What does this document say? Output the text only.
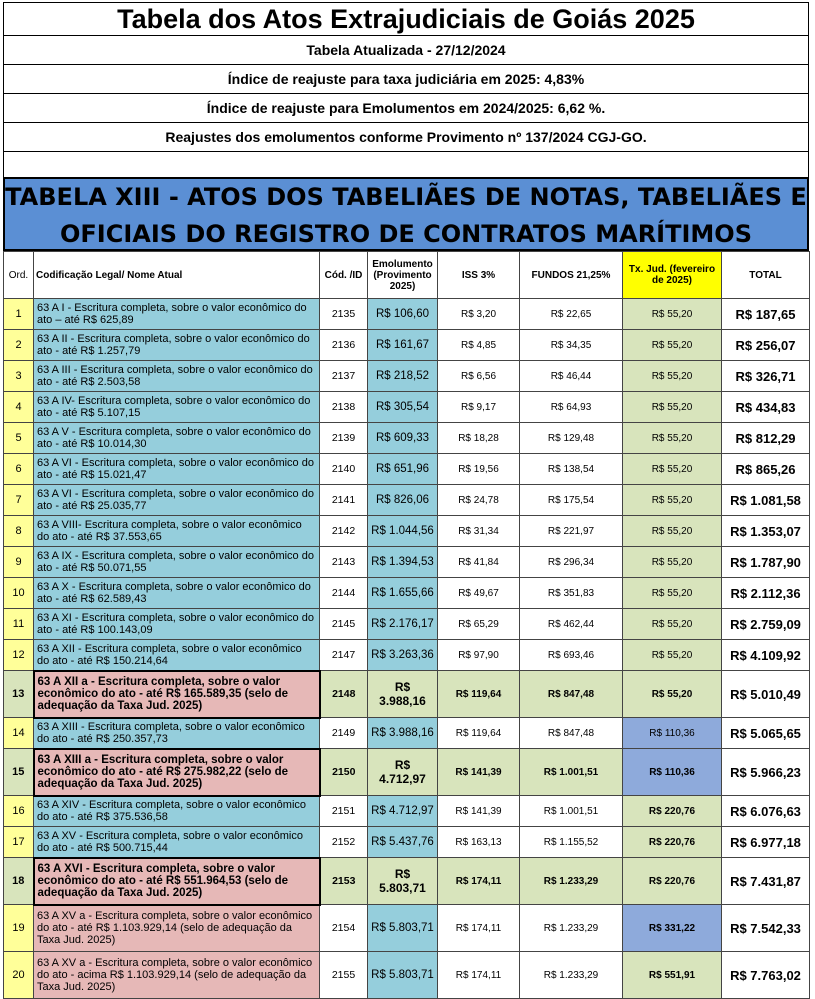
Tabela dos Atos Extrajudiciais de Goiás 2025
Tabela Atualizada - 27/12/2024
Índice de reajuste para taxa judiciária em 2025: 4,83%
Índice de reajuste para Emolumentos em 2024/2025: 6,62 %.
Reajustes dos emolumentos conforme Provimento nº 137/2024 CGJ-GO.
TABELA XIII - ATOS DOS TABELIÃES DE NOTAS, TABELIÃES E
OFICIAIS DO REGISTRO DE CONTRATOS MARÍTIMOS
Ord.	Codificação Legal/ Nome Atual	Cód. /ID	Emolumento (Provimento 2025)	ISS 3%	FUNDOS 21,25%	Tx. Jud. (fevereiro de 2025)	TOTAL
1	63 A I - Escritura completa, sobre o valor econômico do ato – até R$ 625,89	2135	R$ 106,60	R$ 3,20	R$ 22,65	R$ 55,20	R$ 187,65
2	63 A II - Escritura completa, sobre o valor econômico do ato - até R$ 1.257,79	2136	R$ 161,67	R$ 4,85	R$ 34,35	R$ 55,20	R$ 256,07
3	63 A III - Escritura completa, sobre o valor econômico do ato - até R$ 2.503,58	2137	R$ 218,52	R$ 6,56	R$ 46,44	R$ 55,20	R$ 326,71
4	63 A IV- Escritura completa, sobre o valor econômico do ato - até R$ 5.107,15	2138	R$ 305,54	R$ 9,17	R$ 64,93	R$ 55,20	R$ 434,83
5	63 A V - Escritura completa, sobre o valor econômico do ato - até R$ 10.014,30	2139	R$ 609,33	R$ 18,28	R$ 129,48	R$ 55,20	R$ 812,29
6	63 A VI - Escritura completa, sobre o valor econômico do ato - até R$ 15.021,47	2140	R$ 651,96	R$ 19,56	R$ 138,54	R$ 55,20	R$ 865,26
7	63 A VI - Escritura completa, sobre o valor econômico do ato - até R$ 25.035,77	2141	R$ 826,06	R$ 24,78	R$ 175,54	R$ 55,20	R$ 1.081,58
8	63 A VIII- Escritura completa, sobre o valor econômico do ato - até R$ 37.553,65	2142	R$ 1.044,56	R$ 31,34	R$ 221,97	R$ 55,20	R$ 1.353,07
9	63 A IX - Escritura completa, sobre o valor econômico do ato - até R$ 50.071,55	2143	R$ 1.394,53	R$ 41,84	R$ 296,34	R$ 55,20	R$ 1.787,90
10	63 A X - Escritura completa, sobre o valor econômico do ato - até R$ 62.589,43	2144	R$ 1.655,66	R$ 49,67	R$ 351,83	R$ 55,20	R$ 2.112,36
11	63 A XI - Escritura completa, sobre o valor econômico do ato - até R$ 100.143,09	2145	R$ 2.176,17	R$ 65,29	R$ 462,44	R$ 55,20	R$ 2.759,09
12	63 A XII - Escritura completa, sobre o valor econômico do ato - até R$ 150.214,64	2147	R$ 3.263,36	R$ 97,90	R$ 693,46	R$ 55,20	R$ 4.109,92
13	63 A XII a - Escritura completa, sobre o valor econômico do ato - até R$ 165.589,35 (selo de adequação da Taxa Jud. 2025)	2148	R$ 3.988,16	R$ 119,64	R$ 847,48	R$ 55,20	R$ 5.010,49
14	63 A XIII - Escritura completa, sobre o valor econômico do ato - até R$ 250.357,73	2149	R$ 3.988,16	R$ 119,64	R$ 847,48	R$ 110,36	R$ 5.065,65
15	63 A XIII a - Escritura completa, sobre o valor econômico do ato - até R$ 275.982,22 (selo de adequação da Taxa Jud. 2025)	2150	R$ 4.712,97	R$ 141,39	R$ 1.001,51	R$ 110,36	R$ 5.966,23
16	63 A XIV - Escritura completa, sobre o valor econômico do ato - até R$ 375.536,58	2151	R$ 4.712,97	R$ 141,39	R$ 1.001,51	R$ 220,76	R$ 6.076,63
17	63 A XV - Escritura completa, sobre o valor econômico do ato - até R$ 500.715,44	2152	R$ 5.437,76	R$ 163,13	R$ 1.155,52	R$ 220,76	R$ 6.977,18
18	63 A XVI - Escritura completa, sobre o valor econômico do ato - até R$ 551.964,53 (selo de adequação da Taxa Jud. 2025)	2153	R$ 5.803,71	R$ 174,11	R$ 1.233,29	R$ 220,76	R$ 7.431,87
19	63 A XV a - Escritura completa, sobre o valor econômico do ato - até R$ 1.103.929,14 (selo de adequação da Taxa Jud. 2025)	2154	R$ 5.803,71	R$ 174,11	R$ 1.233,29	R$ 331,22	R$ 7.542,33
20	63 A XV a - Escritura completa, sobre o valor econômico do ato - acima R$ 1.103.929,14 (selo de adequação da Taxa Jud. 2025)	2155	R$ 5.803,71	R$ 174,11	R$ 1.233,29	R$ 551,91	R$ 7.763,02
